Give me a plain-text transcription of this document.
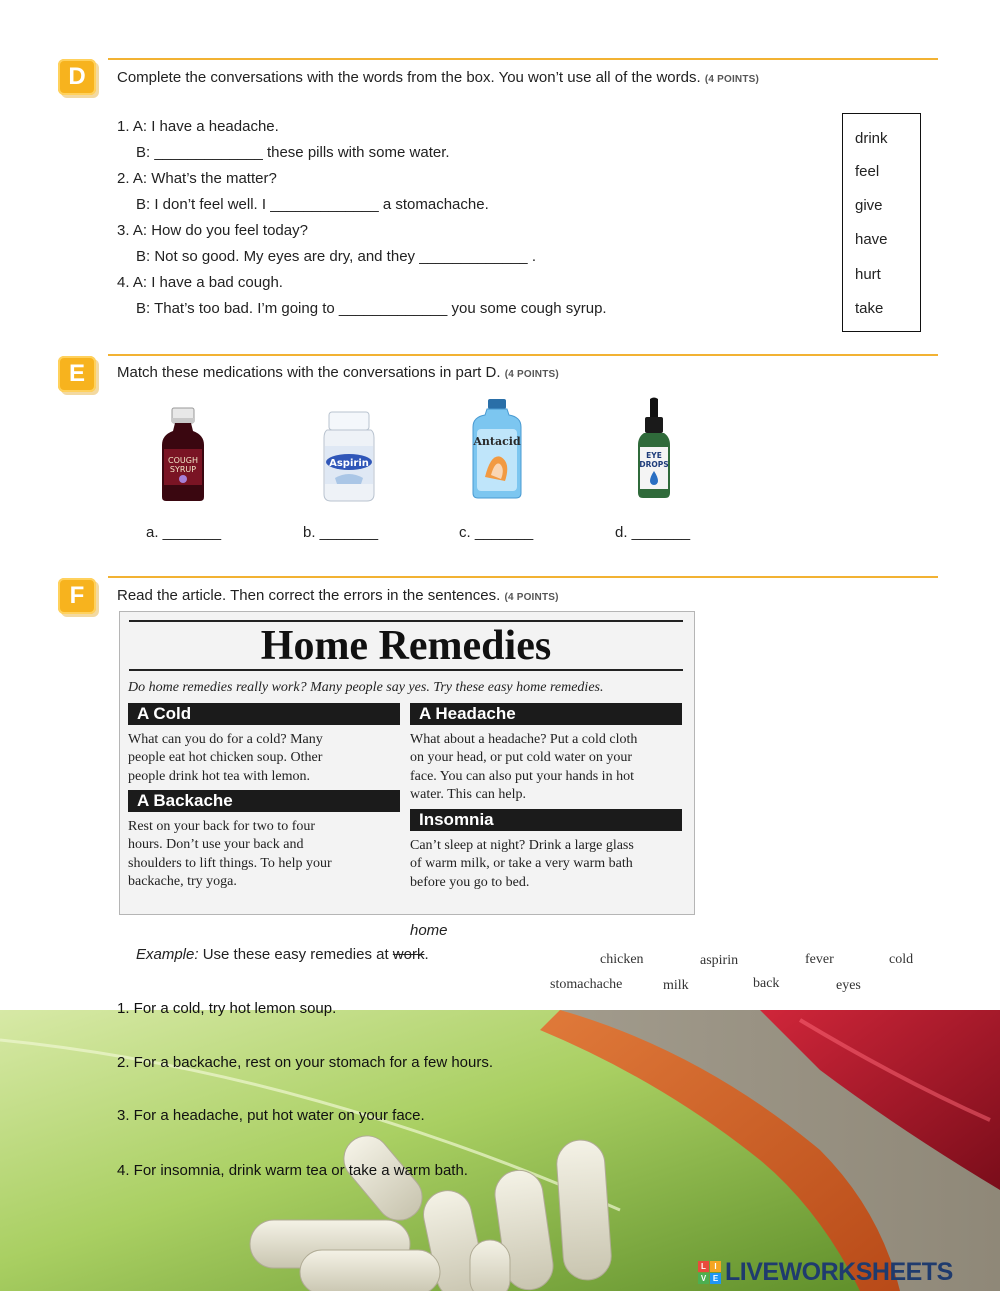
D Complete the conversations with the words from the box. You won’t use all of the words. (4 POINTS)
1. A: I have a headache.
B: _____________ these pills with some water.
2. A: What’s the matter?
B: I don’t feel well. I _____________ a stomachache.
3. A: How do you feel today?
B: Not so good. My eyes are dry, and they _____________ .
4. A: I have a bad cough.
B: That’s too bad. I’m going to _____________ you some cough syrup.
drink
feel
give
have
hurt
take
E Match these medications with the conversations in part D. (4 POINTS)
COUGH
SYRUP
Aspirin
Antacid
EYE
DROPS
a. _______	b. _______	c. _______	d. _______
F Read the article. Then correct the errors in the sentences. (4 POINTS)
Home Remedies
Do home remedies really work? Many people say yes. Try these easy home remedies.
A Cold
What can you do for a cold? Many
people eat hot chicken soup. Other
people drink hot tea with lemon.
A Backache
Rest on your back for two to four
hours. Don’t use your back and
shoulders to lift things. To help your
backache, try yoga.
A Headache
What about a headache? Put a cold cloth
on your head, or put cold water on your
face. You can also put your hands in hot
water. This can help.
Insomnia
Can’t sleep at night? Drink a large glass
of warm milk, or take a very warm bath
before you go to bed.
home
Example: Use these easy remedies at work.	chicken	aspirin	fever	cold
stomachache	milk	back	eyes
1. For a cold, try hot lemon soup.
2. For a backache, rest on your stomach for a few hours.
3. For a headache, put hot water on your face.
4. For insomnia, drink warm tea or take a warm bath.
L	I
V E LIVEWORKSHEETS
